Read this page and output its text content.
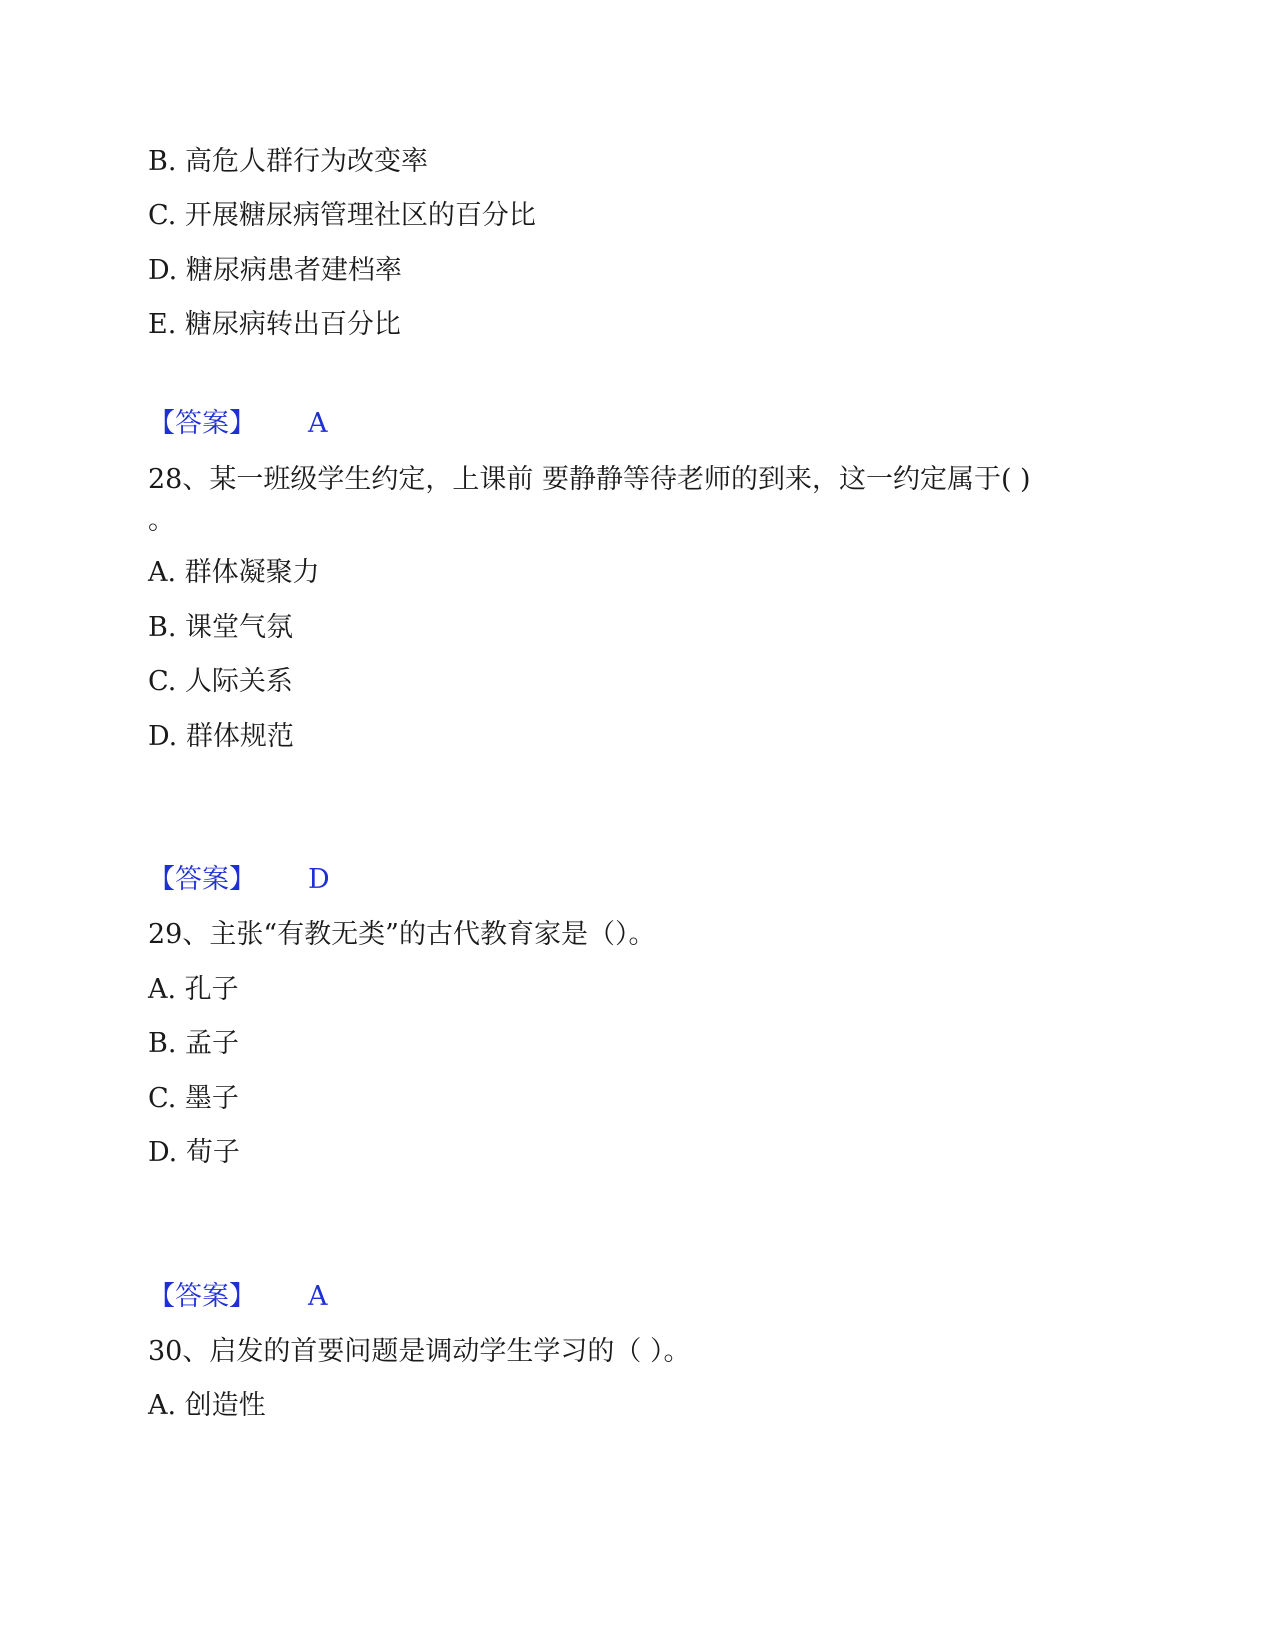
B. 高危人群行为改变率
C. 开展糖尿病管理社区的百分比
D. 糖尿病患者建档率
E. 糖尿病转出百分比
【答案】 A
28、某一班级学生约定，上课前 要静静等待老师的到来，这一约定属于( )
。
A. 群体凝聚力
B. 课堂气氛
C. 人际关系
D. 群体规范
【答案】 D
29、主张“有教无类”的古代教育家是（）。
A. 孔子
B. 孟子
C. 墨子
D. 荀子
【答案】 A
30、启发的首要问题是调动学生学习的（ ）。
A. 创造性
